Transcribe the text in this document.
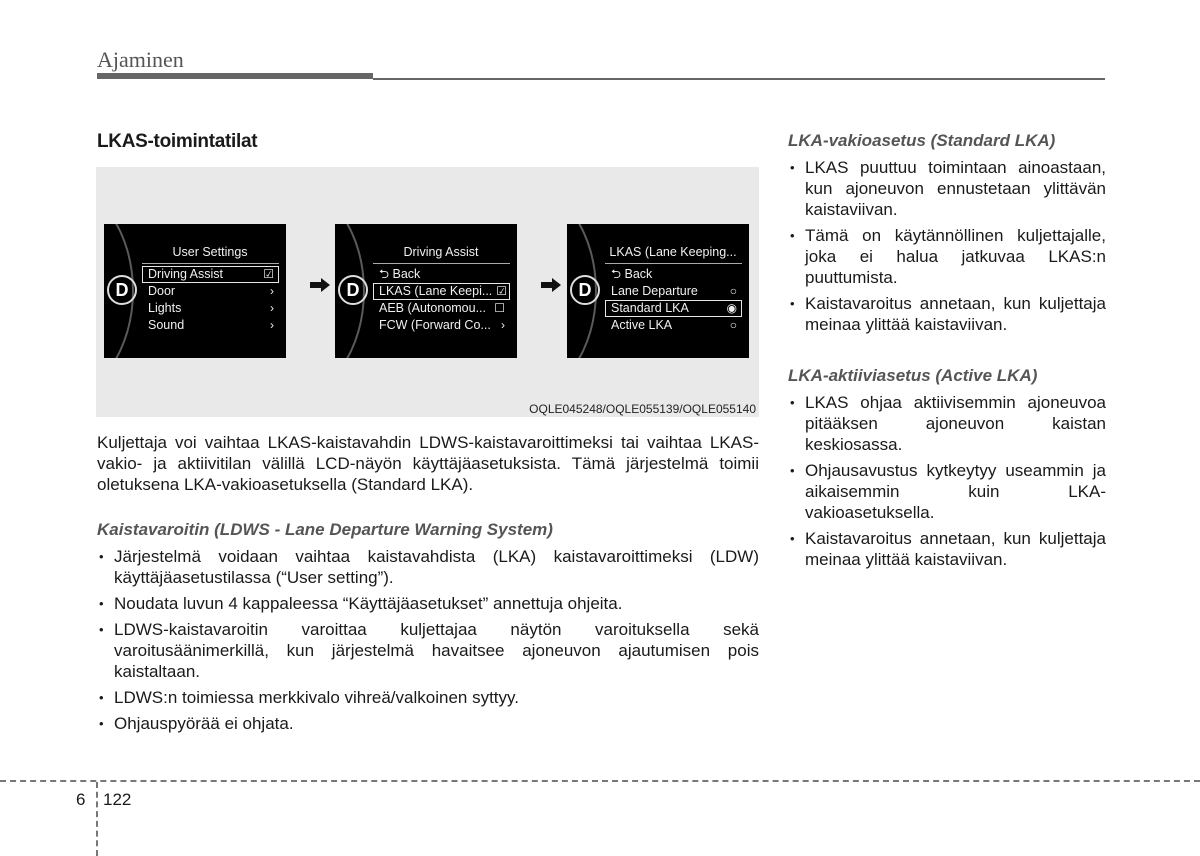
Ajaminen
LKAS-toimintatilat
D
User Settings
Driving Assist	☑
Door	›
Lights	›
Sound	›
D
Driving Assist
⮌ Back
LKAS (Lane Keepi... ☑
AEB (Autonomou... ☐
FCW (Forward Co... ›
D
LKAS (Lane Keeping...
⮌ Back
Lane Departure	○
Standard LKA	◉
Active LKA	○
OQLE045248/OQLE055139/OQLE055140
Kuljettaja voi vaihtaa LKAS-kaistavahdin LDWS-kaistavaroittimeksi tai vaihtaa LKAS-vakio- ja aktiivitilan välillä LCD-näyön käyttäjäasetuksista. Tämä järjestelmä toimii oletuksena LKA-vakioasetuksella (Standard LKA).
Kaistavaroitin (LDWS - Lane Departure Warning System)
• Järjestelmä voidaan vaihtaa kaistavahdista (LKA) kaistavaroittimeksi (LDW) käyttäjäasetustilassa (“User setting”).
• Noudata luvun 4 kappaleessa “Käyttäjäasetukset” annettuja ohjeita.
• LDWS-kaistavaroitin varoittaa kuljettajaa näytön varoituksella sekä varoitusäänimerkillä, kun järjestelmä havaitsee ajoneuvon ajautumisen pois kaistaltaan.
• LDWS:n toimiessa merkkivalo vihreä/valkoinen syttyy.
• Ohjauspyörää ei ohjata.
LKA-vakioasetus (Standard LKA)
• LKAS puuttuu toimintaan ainoastaan, kun ajoneuvon ennustetaan ylittävän kaistaviivan.
• Tämä on käytännöllinen kuljettajalle, joka ei halua jatkuvaa LKAS:n puuttumista.
• Kaistavaroitus annetaan, kun kuljettaja meinaa ylittää kaistaviivan.
LKA-aktiiviasetus (Active LKA)
• LKAS ohjaa aktiivisemmin ajoneuvoa pitääksen ajoneuvon kaistan keskiosassa.
• Ohjausavustus kytkeytyy useammin ja aikaisemmin kuin LKA-vakioasetuksella.
• Kaistavaroitus annetaan, kun kuljettaja meinaa ylittää kaistaviivan.
6 122
